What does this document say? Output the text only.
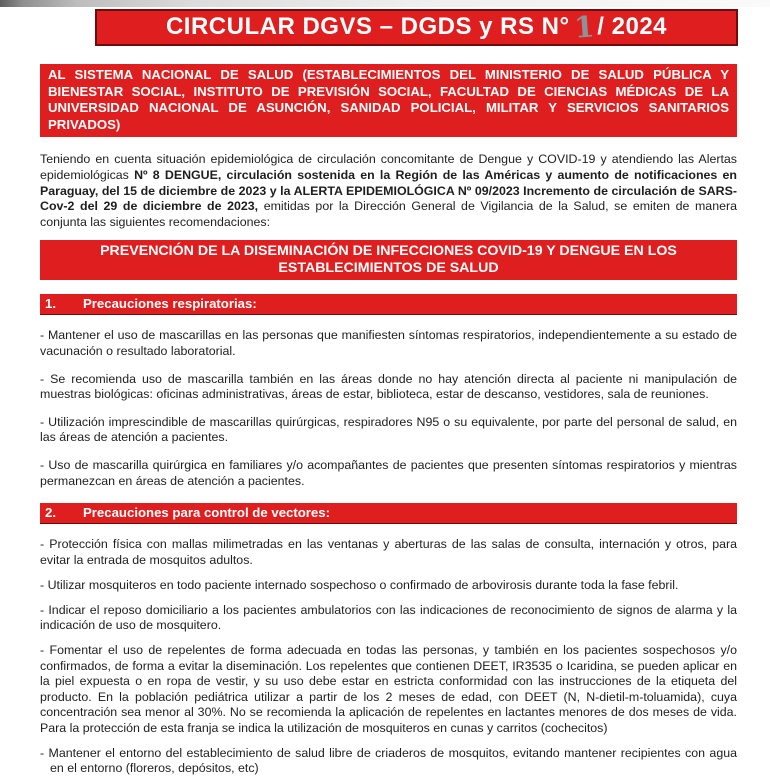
CIRCULAR DGVS – DGDS y RS N° 1/ 2024
AL SISTEMA NACIONAL DE SALUD (ESTABLECIMIENTOS DEL MINISTERIO DE SALUD PÚBLICA Y BIENESTAR SOCIAL, INSTITUTO DE PREVISIÓN SOCIAL, FACULTAD DE CIENCIAS MÉDICAS DE LA UNIVERSIDAD NACIONAL DE ASUNCIÓN, SANIDAD POLICIAL, MILITAR Y SERVICIOS SANITARIOS PRIVADOS)

Teniendo en cuenta situación epidemiológica de circulación concomitante de Dengue y COVID-19 y atendiendo las Alertas epidemiológicas Nº 8 DENGUE, circulación sostenida en la Región de las Américas y aumento de notificaciones en Paraguay, del 15 de diciembre de 2023 y la ALERTA EPIDEMIOLÓGICA Nº 09/2023 Incremento de circulación de SARS-Cov-2 del 29 de diciembre de 2023, emitidas por la Dirección General de Vigilancia de la Salud, se emiten de manera conjunta las siguientes recomendaciones:

PREVENCIÓN DE LA DISEMINACIÓN DE INFECCIONES COVID-19 Y DENGUE EN LOS
ESTABLECIMIENTOS DE SALUD
1.	Precauciones respiratorias:

- Mantener el uso de mascarillas en las personas que manifiesten síntomas respiratorios, independientemente a su estado de vacunación o resultado laboratorial.

- Se recomienda uso de mascarilla también en las áreas donde no hay atención directa al paciente ni manipulación de muestras biológicas: oficinas administrativas, áreas de estar, biblioteca, estar de descanso, vestidores, sala de reuniones.

- Utilización imprescindible de mascarillas quirúrgicas, respiradores N95 o su equivalente, por parte del personal de salud, en las áreas de atención a pacientes.

- Uso de mascarilla quirúrgica en familiares y/o acompañantes de pacientes que presenten síntomas respiratorios y mientras permanezcan en áreas de atención a pacientes.

2.	Precauciones para control de vectores:

- Protección física con mallas milimetradas en las ventanas y aberturas de las salas de consulta, internación y otros, para evitar la entrada de mosquitos adultos.

- Utilizar mosquiteros en todo paciente internado sospechoso o confirmado de arbovirosis durante toda la fase febril.

- Indicar el reposo domiciliario a los pacientes ambulatorios con las indicaciones de reconocimiento de signos de alarma y la indicación de uso de mosquitero.

- Fomentar el uso de repelentes de forma adecuada en todas las personas, y también en los pacientes sospechosos y/o confirmados, de forma a evitar la diseminación. Los repelentes que contienen DEET, IR3535 o Icaridina, se pueden aplicar en la piel expuesta o en ropa de vestir, y su uso debe estar en estricta conformidad con las instrucciones de la etiqueta del producto. En la población pediátrica utilizar a partir de los 2 meses de edad, con DEET (N, N-dietil-m-toluamida), cuya concentración sea menor al 30%. No se recomienda la aplicación de repelentes en lactantes menores de dos meses de vida. Para la protección de esta franja se indica la utilización de mosquiteros en cunas y carritos (cochecitos)

- Mantener el entorno del establecimiento de salud libre de criaderos de mosquitos, evitando mantener recipientes con agua en el entorno (floreros, depósitos, etc)
